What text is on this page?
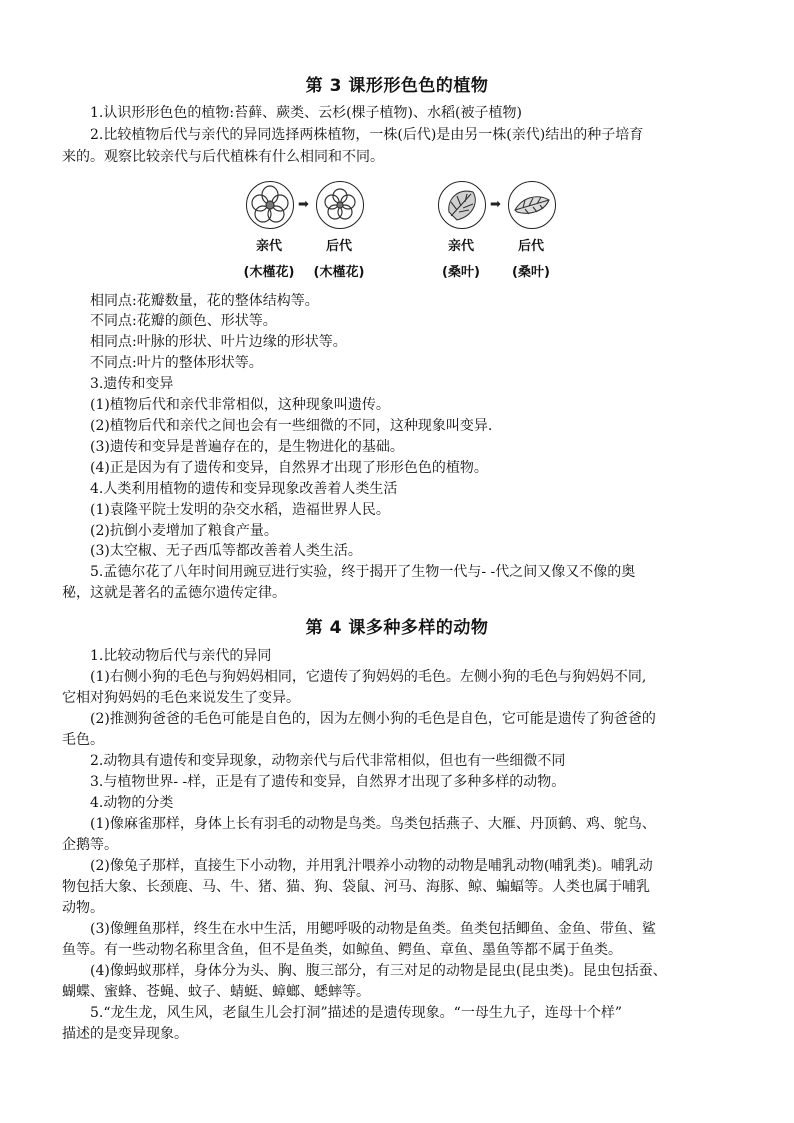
第 3 课形形色色的植物
1.认识形形色色的植物:苔藓、蕨类、云杉(棵子植物)、水稻(被子植物)
2.比较植物后代与亲代的异同选择两株植物，一株(后代)是由另一株(亲代)结出的种子培育
来的。观察比较亲代与后代植株有什么相同和不同。
➡	➡
亲代	后代	亲代	后代
(木槿花)	(木槿花)	(桑叶)	(桑叶)
相同点:花瓣数量，花的整体结构等。
不同点:花瓣的颜色、形状等。
相同点:叶脉的形状、叶片边缘的形状等。
不同点:叶片的整体形状等。
3.遗传和变异
(1)植物后代和亲代非常相似，这种现象叫遗传。
(2)植物后代和亲代之间也会有一些细微的不同，这种现象叫变异.
(3)遗传和变异是普遍存在的，是生物进化的基础。
(4)正是因为有了遗传和变异，自然界才出现了形形色色的植物。
4.人类利用植物的遗传和变异现象改善着人类生活
(1)袁隆平院士发明的杂交水稻，造福世界人民。
(2)抗倒小麦增加了粮食产量。
(3)太空椒、无子西瓜等都改善着人类生活。
5.孟德尔花了八年时间用豌豆进行实验，终于揭开了生物一代与- -代之间又像又不像的奥
秘，这就是著名的孟德尔遗传定律。
第 4 课多种多样的动物
1.比较动物后代与亲代的异同
(1)右侧小狗的毛色与狗妈妈相同，它遗传了狗妈妈的毛色。左侧小狗的毛色与狗妈妈不同,
它相对狗妈妈的毛色来说发生了变异。
(2)推测狗爸爸的毛色可能是自色的，因为左侧小狗的毛色是自色，它可能是遗传了狗爸爸的
毛色。
2.动物具有遗传和变异现象，动物亲代与后代非常相似，但也有一些细微不同
3.与植物世界- -样，正是有了遗传和变异，自然界才出现了多种多样的动物。
4.动物的分类
(1)像麻雀那样，身体上长有羽毛的动物是鸟类。鸟类包括燕子、大雁、丹顶鹤、鸡、鸵鸟、
企鹅等。
(2)像兔子那样，直接生下小动物，并用乳汁喂养小动物的动物是哺乳动物(哺乳类)。哺乳动
物包括大象、长颈鹿、马、牛、猪、猫、狗、袋鼠、河马、海豚、鲸、蝙蝠等。人类也属于哺乳
动物。
(3)像鲤鱼那样，终生在水中生活，用鳃呼吸的动物是鱼类。鱼类包括鲫鱼、金鱼、带鱼、鲨
鱼等。有一些动物名称里含鱼，但不是鱼类，如鲸鱼、鳄鱼、章鱼、墨鱼等都不属于鱼类。
(4)像蚂蚁那样，身体分为头、胸、腹三部分，有三对足的动物是昆虫(昆虫类)。昆虫包括蚕、
蝴蝶、蜜蜂、苍蝇、蚊子、蜻蜓、蟑螂、蟋蟀等。
5.“龙生龙，风生风，老鼠生儿会打洞”描述的是遗传现象。“一母生九子，连母十个样”
描述的是变异现象。
